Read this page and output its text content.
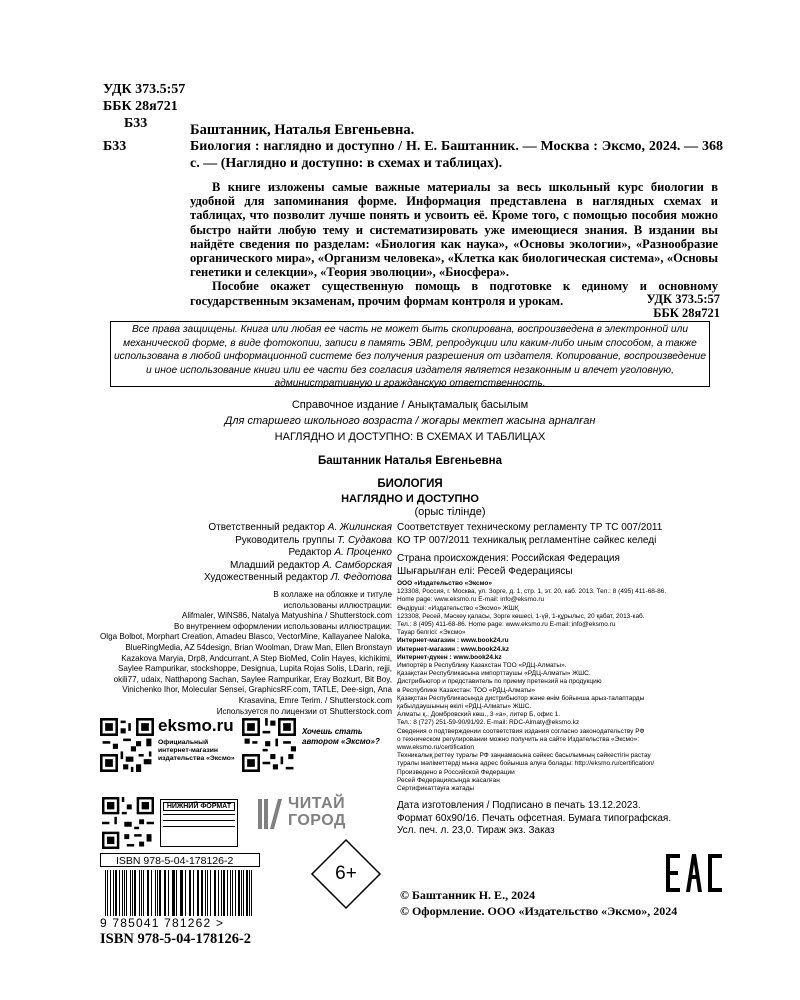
УДК 373.5:57
ББК 28я721
Б33	Баштанник, Наталья Евгеньевна.
Б33	Биология : наглядно и доступно / Н. Е. Баштанник. — Москва : Эксмо, 2024. — 368 с. — (Наглядно и доступно: в схемах и таблицах).

В книге изложены самые важные материалы за весь школьный курс биологии в удобной для запоминания форме. Информация представлена в наглядных схемах и таблицах, что позволит лучше понять и усвоить её. Кроме того, с помощью пособия можно быстро найти любую тему и систематизировать уже имеющиеся знания. В издании вы найдёте сведения по разделам: «Биология как наука», «Основы экологии», «Разнообразие органического мира», «Организм человека», «Клетка как биологическая система», «Основы генетики и селекции», «Теория эволюции», «Биосфера».

Пособие окажет существенную помощь в подготовке к единому и основному государственным экзаменам, прочим формам контроля и урокам.	УДК 373.5:57
ББК 28я721
Все права защищены. Книга или любая ее часть не может быть скопирована, воспроизведена в электронной или механической форме, в виде фотокопии, записи в память ЭВМ, репродукции или каким-либо иным способом, а также использована в любой информационной системе без получения разрешения от издателя. Копирование, воспроизведение и иное использование книги или ее части без согласия издателя является незаконным и влечет уголовную, административную и гражданскую ответственность.
Справочное издание / Анықтамалық басылым
Для старшего школьного возраста / жоғары мектеп жасына арналған
НАГЛЯДНО И ДОСТУПНО: В СХЕМАХ И ТАБЛИЦАХ
Баштанник Наталья Евгеньевна
БИОЛОГИЯ
НАГЛЯДНО И ДОСТУПНО
(орыс тілінде)
Ответственный редактор А. Жилинская
Руководитель группы Т. Судакова
Редактор А. Проценко
Младший редактор А. Самборская
Художественный редактор Л. Федотова
В коллаже на обложке и титуле
использованы иллюстрации:
Alifmaler, WiNS86, Natalya Matyushina / Shutterstock.com
Во внутреннем оформлении использованы иллюстрации:
Olga Bolbot, Morphart Creation, Amadeu Blasco, VectorMine, Kallayanee Naloka, BlueRingMedia, AZ 54design, Brian Woolman, Draw Man, Ellen Bronstayn Kazakova Maryia, Drp8, Andcurrant, A Step BioMed, Colin Hayes, kichikimi, Saylee Rampurikar, stockshoppe, Designua, Lupita Rojas Solis, LDarin, rejji, okili77, udaix, Natthapong Sachan, Saylee Rampurikar, Eray Bozkurt, Bit Boy, Vinichenko Ihor, Molecular Sensei, GraphicsRF.com, TATLE, Dee-sign, Ana Krasavina, Emre Terim. / Shutterstock.com
Используется по лицензии от Shutterstock.com
Соответствует техническому регламенту ТР ТС 007/2011
КО ТР 007/2011 техникалық регламентіне сәйкес келеді
Страна происхождения: Российская Федерация
Шығарылған елі: Ресей Федерациясы
ООО «Издательство «Эксмо»
123308, Россия, г. Москва, ул. Зорге, д. 1, стр. 1, эт. 20, каб. 2013. Тел.: 8 (495) 411-68-86.
Home page: www.eksmo.ru E-mail: info@eksmo.ru
Өндіруші: «Издательство «Эксмо» ЖШҚ
123308, Ресей, Мәскеу қаласы, Зорге көшесі, 1-үй, 1-құрылыс, 20 қабат, 2013-каб.
Тел.: 8 (495) 411-68-86. Home page: www.eksmo.ru E-mail: info@eksmo.ru
Тауар белгісі: «Эксмо»
Интернет-магазин : www.book24.ru
Интернет-магазин : www.book24.kz
Интернет-дүкен : www.book24.kz
Импортёр в Республику Казахстан ТОО «РДЦ-Алматы».
Қазақстан Республикасына импорттаушы «РДЦ-Алматы» ЖШС.
Дистрибьютор и представитель по приему претензий на продукцию
в Республике Казахстан: ТОО «РДЦ-Алматы»
Қазақстан Республикасында дистрибьютор және өнім бойынша арыз-талаптарды
қабылдаушының өкілі «РДЦ-Алматы» ЖШС.
Алматы қ., Домбровский көш., 3 «а», литер Б, офис 1.
Тел.: 8 (727) 251-59-90/91/92. E-mail: RDC-Almaty@eksmo.kz
Сведения о подтверждении соответствия издания согласно законодательству РФ
о техническом регулировании можно получить на сайте Издательства «Эксмо»:
www.eksmo.ru/certification
Техникалық реттеу туралы РФ заңнамасына сәйкес басылымның сәйкестігін растау
туралы мәліметтерді мына адрес бойынша алуға болады: http://eksmo.ru/certification/
Произведено в Российской Федерации
Ресей Федерациясында жасалған
Сертификаттауға жатады
Дата изготовления / Подписано в печать 13.12.2023.
Формат 60x90/16. Печать офсетная. Бумага типографская.
Усл. печ. л. 23,0. Тираж экз. Заказ
eksmo.ru
Официальный
интернет-магазин
издательства «Эксмо»
Хочешь стать
автором «Эксмо»?
НИЖНИЙ ФОРМАТ	ЧИТАЙ
ГОРОД
ISBN 978-5-04-178126-2
9 785041 781262 >
ISBN 978-5-04-178126-2
6+
© Баштанник Н. Е., 2024
© Оформление. ООО «Издательство «Эксмо», 2024
